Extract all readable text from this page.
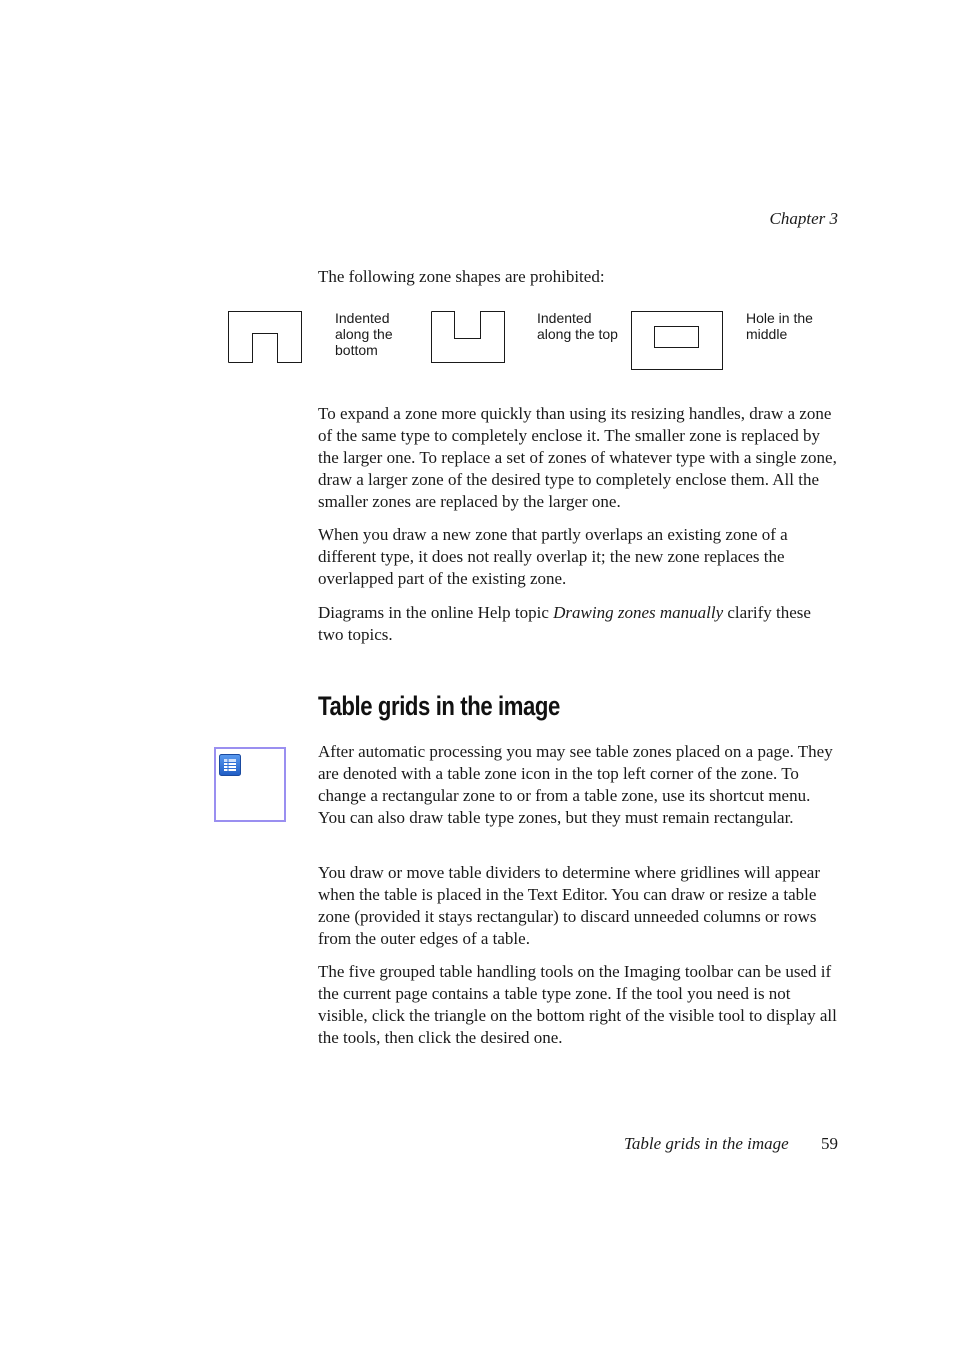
Chapter 3
The following zone shapes are prohibited:
Indented along the bottom
Indented along the top
Hole in the middle

To expand a zone more quickly than using its resizing handles, draw a zone of the same type to completely enclose it. The smaller zone is replaced by the larger one. To replace a set of zones of whatever type with a single zone, draw a larger zone of the desired type to completely enclose them. All the smaller zones are replaced by the larger one.

When you draw a new zone that partly overlaps an existing zone of a different type, it does not really overlap it; the new zone replaces the overlapped part of the existing zone.

Diagrams in the online Help topic Drawing zones manually clarify these two topics.

Table grids in the image

After automatic processing you may see table zones placed on a page. They are denoted with a table zone icon in the top left corner of the zone. To change a rectangular zone to or from a table zone, use its shortcut menu. You can also draw table type zones, but they must remain rectangular.

You draw or move table dividers to determine where gridlines will appear when the table is placed in the Text Editor. You can draw or resize a table zone (provided it stays rectangular) to discard unneeded columns or rows from the outer edges of a table.

The five grouped table handling tools on the Imaging toolbar can be used if the current page contains a table type zone. If the tool you need is not visible, click the triangle on the bottom right of the visible tool to display all the tools, then click the desired one.

Table grids in the image 59
